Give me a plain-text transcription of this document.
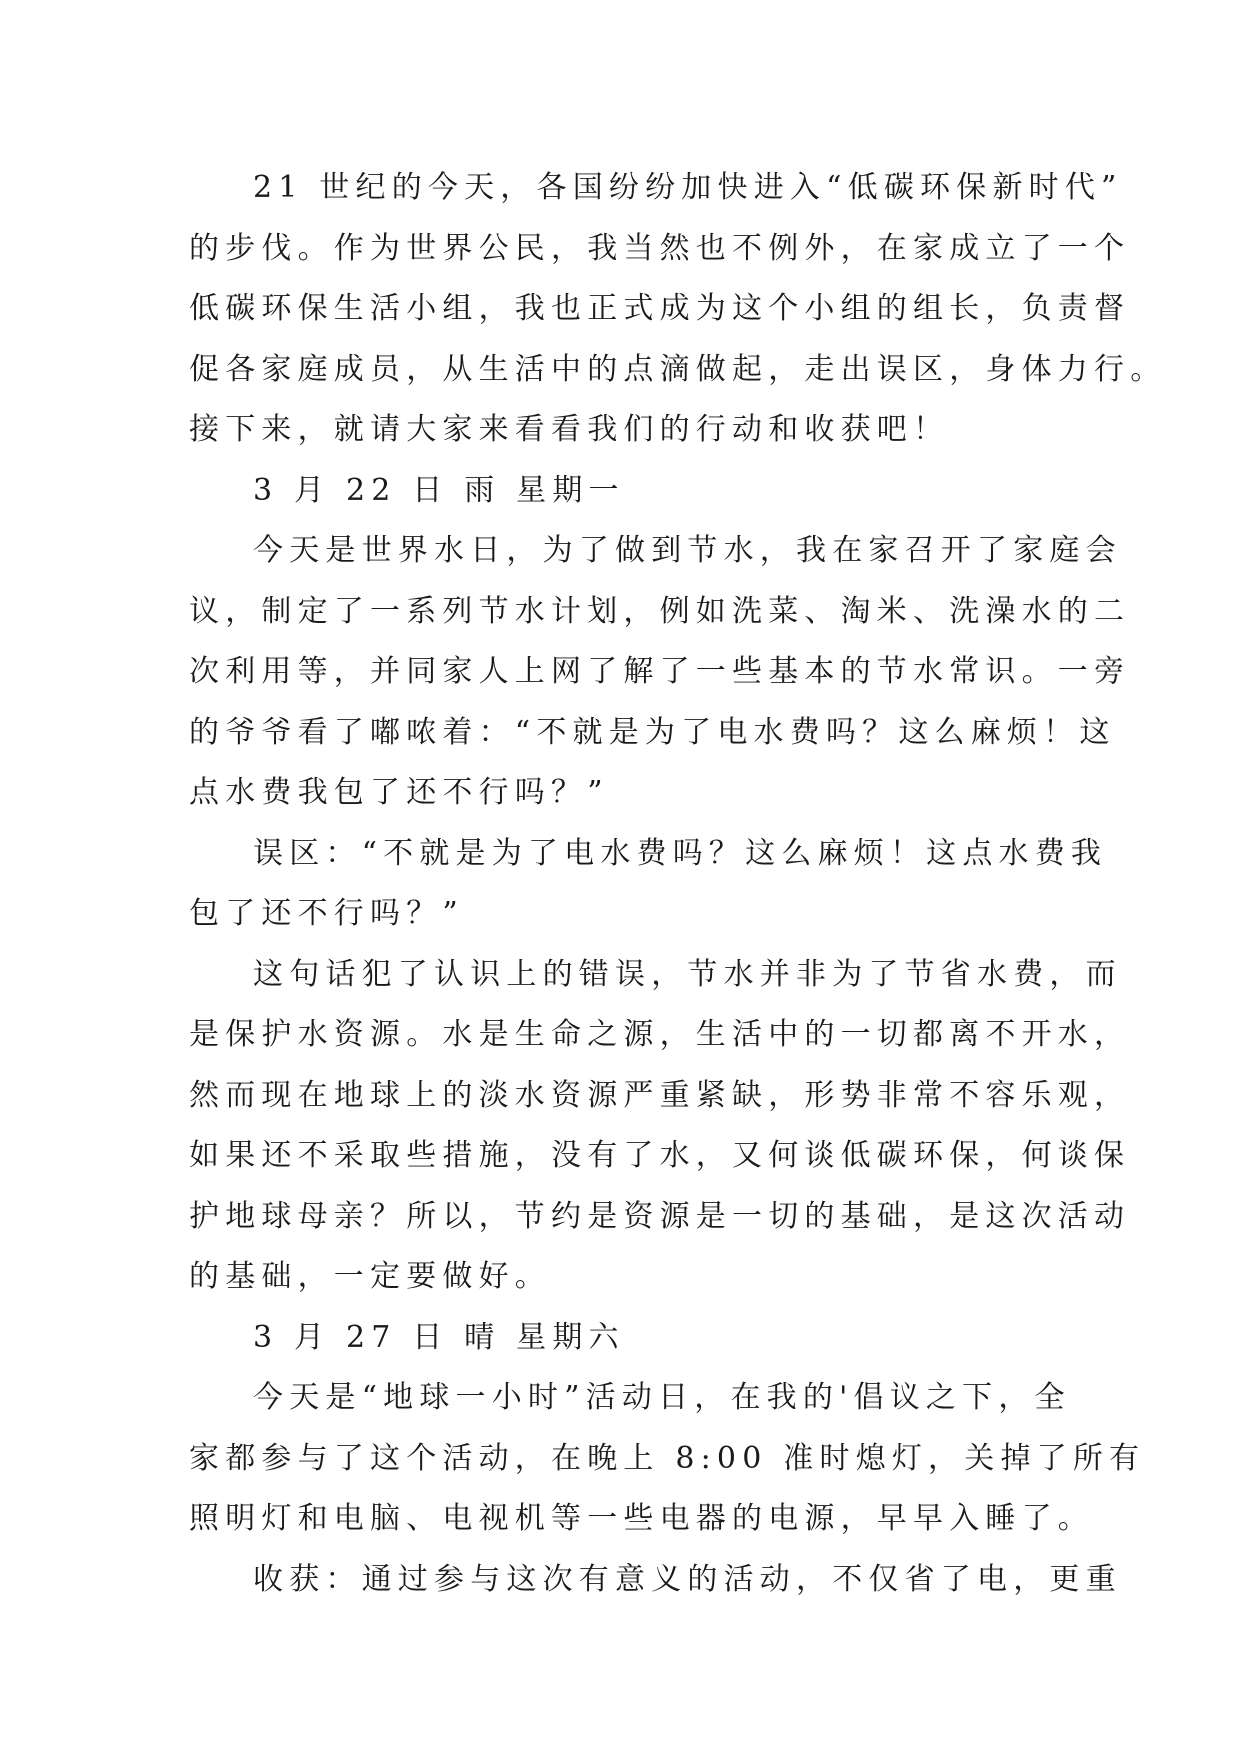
21 世纪的今天，各国纷纷加快进入“低碳环保新时代”
的步伐。作为世界公民，我当然也不例外，在家成立了一个
低碳环保生活小组，我也正式成为这个小组的组长，负责督
促各家庭成员，从生活中的点滴做起，走出误区，身体力行。
接下来，就请大家来看看我们的行动和收获吧！
3 月 22 日 雨 星期一
今天是世界水日，为了做到节水，我在家召开了家庭会
议，制定了一系列节水计划，例如洗菜、淘米、洗澡水的二
次利用等，并同家人上网了解了一些基本的节水常识。一旁
的爷爷看了嘟哝着：“不就是为了电水费吗？这么麻烦！这
点水费我包了还不行吗？”
误区：“不就是为了电水费吗？这么麻烦！这点水费我
包了还不行吗？”
这句话犯了认识上的错误，节水并非为了节省水费，而
是保护水资源。水是生命之源，生活中的一切都离不开水，
然而现在地球上的淡水资源严重紧缺，形势非常不容乐观，
如果还不采取些措施，没有了水，又何谈低碳环保，何谈保
护地球母亲？所以，节约是资源是一切的基础，是这次活动
的基础，一定要做好。
3 月 27 日 晴 星期六
今天是“地球一小时”活动日，在我的'倡议之下，全
家都参与了这个活动，在晚上 8:00 准时熄灯，关掉了所有
照明灯和电脑、电视机等一些电器的电源，早早入睡了。
收获：通过参与这次有意义的活动，不仅省了电，更重
